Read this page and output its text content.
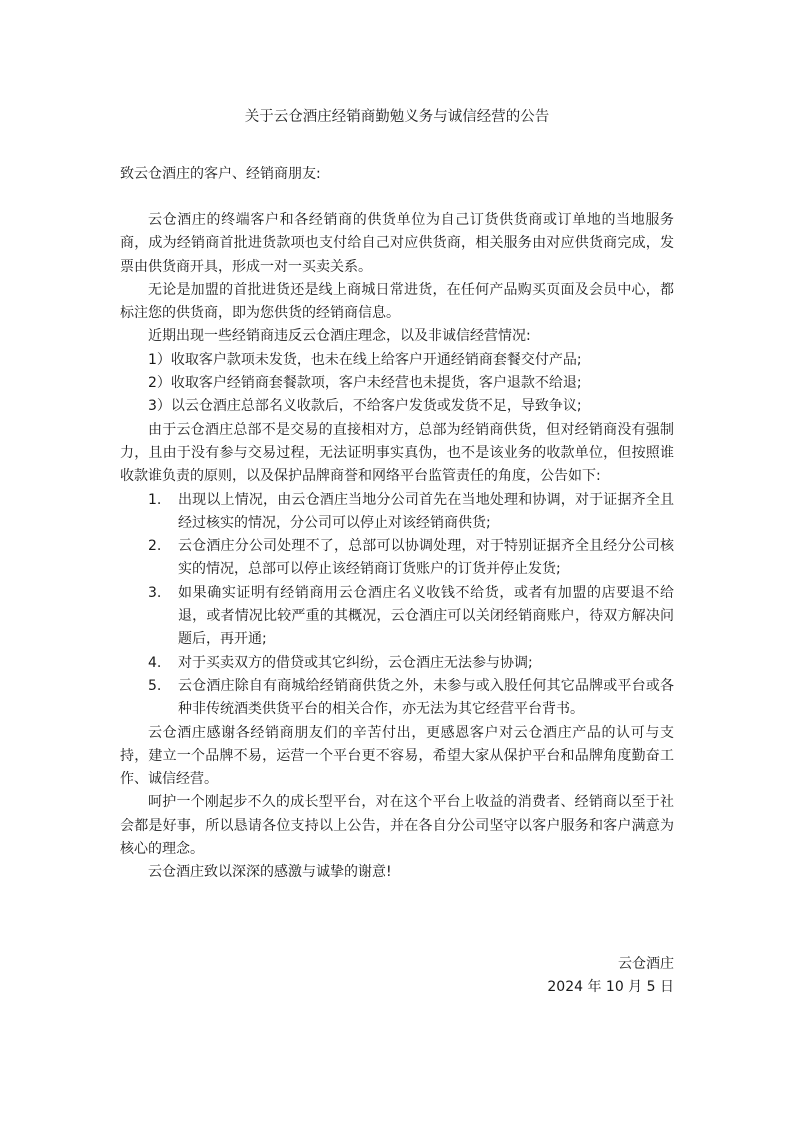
关于云仓酒庄经销商勤勉义务与诚信经营的公告

致云仓酒庄的客户、经销商朋友:

云仓酒庄的终端客户和各经销商的供货单位为自己订货供货商或订单地的当地服务商，成为经销商首批进货款项也支付给自己对应供货商，相关服务由对应供货商完成，发票由供货商开具，形成一对一买卖关系。

无论是加盟的首批进货还是线上商城日常进货，在任何产品购买页面及会员中心，都标注您的供货商，即为您供货的经销商信息。

近期出现一些经销商违反云仓酒庄理念，以及非诚信经营情况:

1）收取客户款项未发货，也未在线上给客户开通经销商套餐交付产品;

2）收取客户经销商套餐款项，客户未经营也未提货，客户退款不给退;

3）以云仓酒庄总部名义收款后，不给客户发货或发货不足，导致争议;

由于云仓酒庄总部不是交易的直接相对方，总部为经销商供货，但对经销商没有强制力，且由于没有参与交易过程，无法证明事实真伪，也不是该业务的收款单位，但按照谁收款谁负责的原则，以及保护品牌商誉和网络平台监管责任的角度，公告如下:

1. 出现以上情况，由云仓酒庄当地分公司首先在当地处理和协调，对于证据齐全且经过核实的情况，分公司可以停止对该经销商供货;
2. 云仓酒庄分公司处理不了，总部可以协调处理，对于特别证据齐全且经分公司核实的情况，总部可以停止该经销商订货账户的订货并停止发货;
3. 如果确实证明有经销商用云仓酒庄名义收钱不给货，或者有加盟的店要退不给退，或者情况比较严重的其概况，云仓酒庄可以关闭经销商账户，待双方解决问题后，再开通;
4. 对于买卖双方的借贷或其它纠纷，云仓酒庄无法参与协调;
5. 云仓酒庄除自有商城给经销商供货之外，未参与或入股任何其它品牌或平台或各种非传统酒类供货平台的相关合作，亦无法为其它经营平台背书。

云仓酒庄感谢各经销商朋友们的辛苦付出，更感恩客户对云仓酒庄产品的认可与支持，建立一个品牌不易，运营一个平台更不容易，希望大家从保护平台和品牌角度勤奋工作、诚信经营。

呵护一个刚起步不久的成长型平台，对在这个平台上收益的消费者、经销商以至于社会都是好事，所以恳请各位支持以上公告，并在各自分公司坚守以客户服务和客户满意为核心的理念。

云仓酒庄致以深深的感激与诚挚的谢意!

云仓酒庄
2024 年 10 月 5 日
